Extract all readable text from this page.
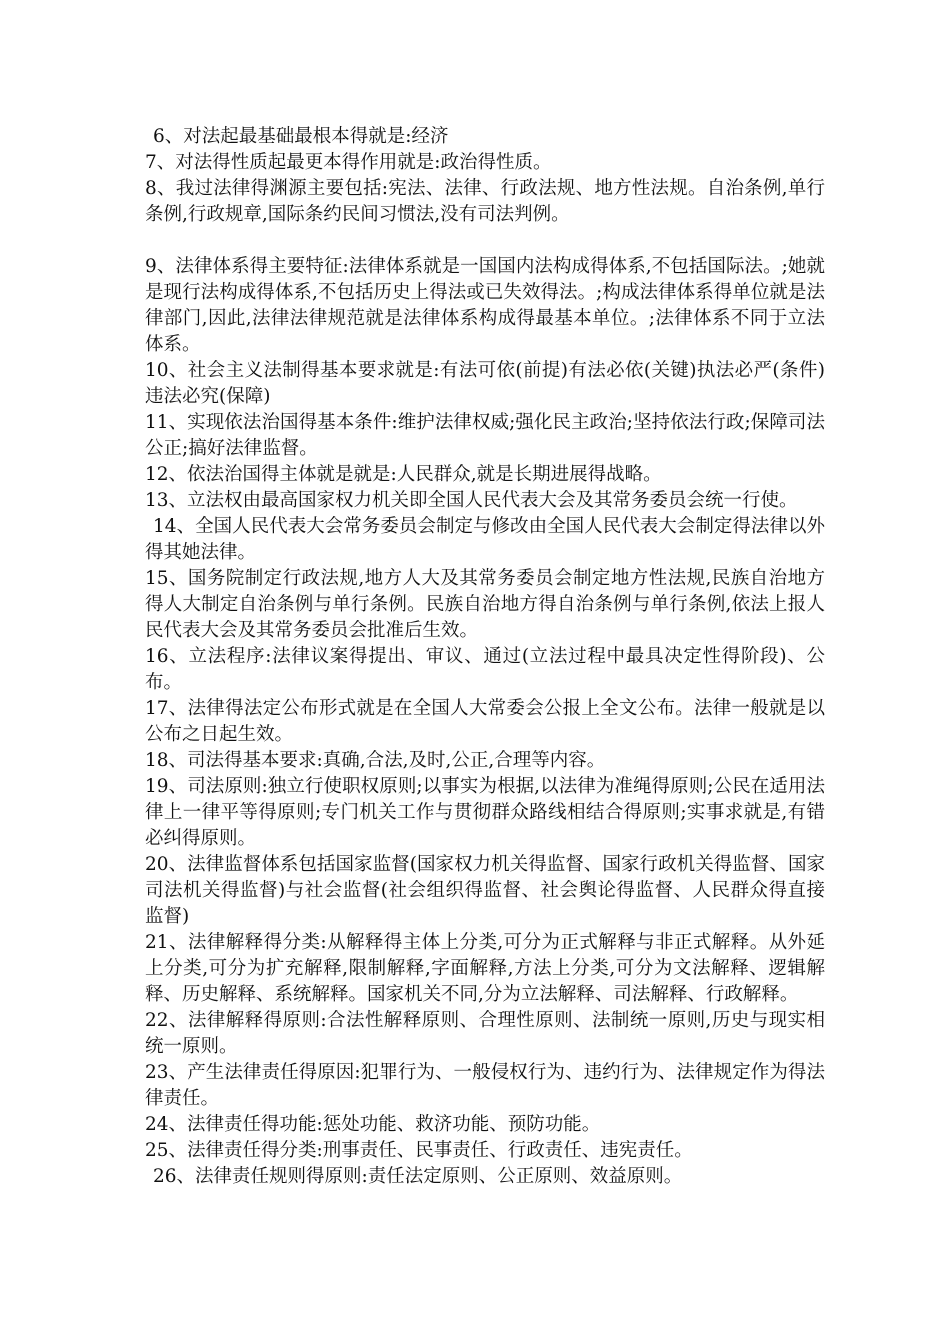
6、对法起最基础最根本得就是:经济

7、对法得性质起最更本得作用就是:政治得性质。

8、我过法律得渊源主要包括:宪法、法律、行政法规、地方性法规。自治条例,单行条例,行政规章,国际条约民间习惯法,没有司法判例。

9、法律体系得主要特征:法律体系就是一国国内法构成得体系,不包括国际法。;她就是现行法构成得体系,不包括历史上得法或已失效得法。;构成法律体系得单位就是法律部门,因此,法律法律规范就是法律体系构成得最基本单位。;法律体系不同于立法体系。

10、社会主义法制得基本要求就是:有法可依(前提)有法必依(关键)执法必严(条件)违法必究(保障)

11、实现依法治国得基本条件:维护法律权威;强化民主政治;坚持依法行政;保障司法公正;搞好法律监督。

12、依法治国得主体就是就是:人民群众,就是长期进展得战略。

13、立法权由最高国家权力机关即全国人民代表大会及其常务委员会统一行使。

14、全国人民代表大会常务委员会制定与修改由全国人民代表大会制定得法律以外得其她法律。

15、国务院制定行政法规,地方人大及其常务委员会制定地方性法规,民族自治地方得人大制定自治条例与单行条例。民族自治地方得自治条例与单行条例,依法上报人民代表大会及其常务委员会批准后生效。

16、立法程序:法律议案得提出、审议、通过(立法过程中最具决定性得阶段)、公布。

17、法律得法定公布形式就是在全国人大常委会公报上全文公布。法律一般就是以公布之日起生效。

18、司法得基本要求:真确,合法,及时,公正,合理等内容。

19、司法原则:独立行使职权原则;以事实为根据,以法律为准绳得原则;公民在适用法律上一律平等得原则;专门机关工作与贯彻群众路线相结合得原则;实事求就是,有错必纠得原则。

20、法律监督体系包括国家监督(国家权力机关得监督、国家行政机关得监督、国家司法机关得监督)与社会监督(社会组织得监督、社会舆论得监督、人民群众得直接监督)

21、法律解释得分类:从解释得主体上分类,可分为正式解释与非正式解释。从外延上分类,可分为扩充解释,限制解释,字面解释,方法上分类,可分为文法解释、逻辑解释、历史解释、系统解释。国家机关不同,分为立法解释、司法解释、行政解释。

22、法律解释得原则:合法性解释原则、合理性原则、法制统一原则,历史与现实相统一原则。

23、产生法律责任得原因:犯罪行为、一般侵权行为、违约行为、法律规定作为得法律责任。

24、法律责任得功能:惩处功能、救济功能、预防功能。

25、法律责任得分类:刑事责任、民事责任、行政责任、违宪责任。

26、法律责任规则得原则:责任法定原则、公正原则、效益原则。
